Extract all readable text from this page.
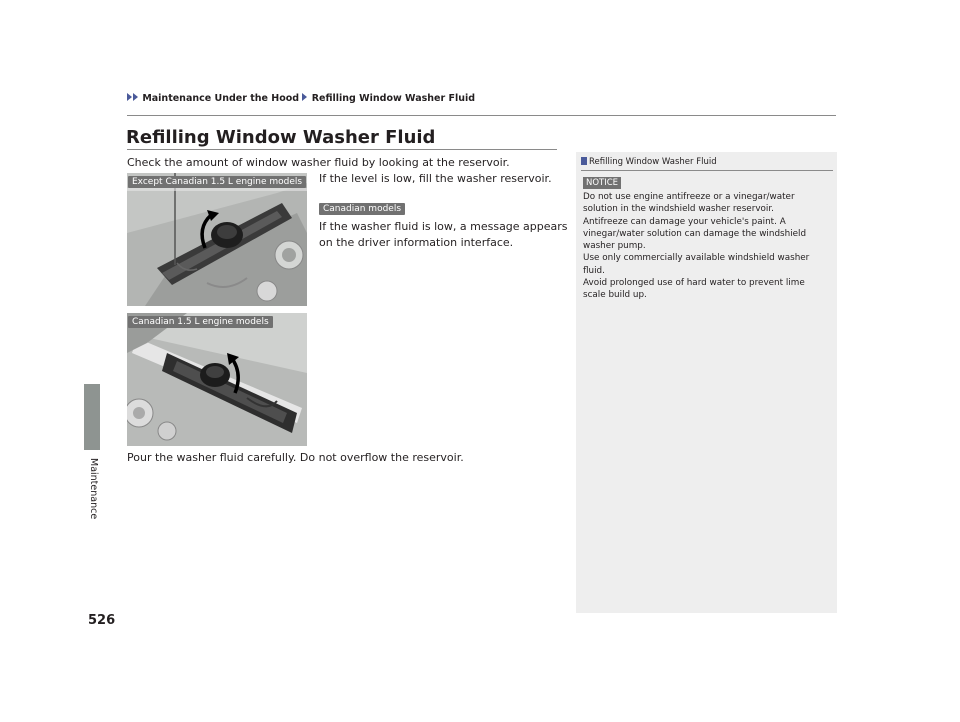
Maintenance Under the Hood Refilling Window Washer Fluid
Maintenance
526
Refilling Window Washer Fluid
Check the amount of window washer fluid by looking at the reservoir.
If the level is low, fill the washer reservoir.
Canadian models
If the washer fluid is low, a message appears
on the driver information interface.
Except Canadian 1.5 L engine models
Canadian 1.5 L engine models
Pour the washer fluid carefully. Do not overflow the reservoir.
Refilling Window Washer Fluid
NOTICE
Do not use engine antifreeze or a vinegar/water
solution in the windshield washer reservoir.
Antifreeze can damage your vehicle's paint. A
vinegar/water solution can damage the windshield
washer pump.
Use only commercially available windshield washer
fluid.
Avoid prolonged use of hard water to prevent lime
scale build up.
